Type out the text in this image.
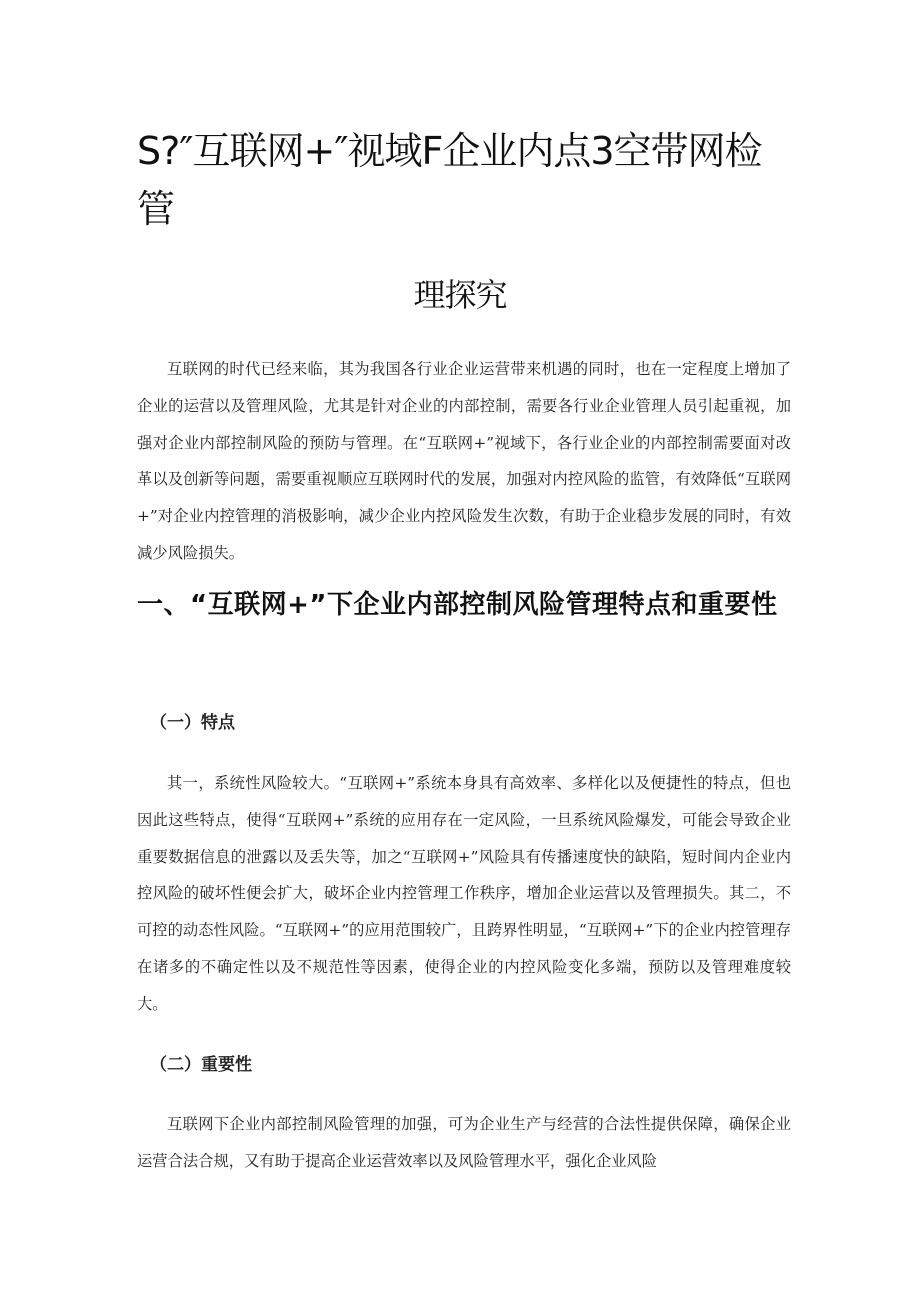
S?″互联网+″视域F企业内点3空带网检
管
理探究

互联网的时代已经来临，其为我国各行业企业运营带来机遇的同时，也在一定程度上增加了企业的运营以及管理风险，尤其是针对企业的内部控制，需要各行业企业管理人员引起重视，加强对企业内部控制风险的预防与管理。在“互联网+”视域下，各行业企业的内部控制需要面对改革以及创新等问题，需要重视顺应互联网时代的发展，加强对内控风险的监管，有效降低“互联网+”对企业内控管理的消极影响，减少企业内控风险发生次数，有助于企业稳步发展的同时，有效减少风险损失。

一、“互联网+”下企业内部控制风险管理特点和重要性
（一）特点

其一，系统性风险较大。“互联网+”系统本身具有高效率、多样化以及便捷性的特点，但也因此这些特点，使得“互联网+”系统的应用存在一定风险，一旦系统风险爆发，可能会导致企业重要数据信息的泄露以及丢失等，加之“互联网+”风险具有传播速度快的缺陷，短时间内企业内控风险的破坏性便会扩大，破坏企业内控管理工作秩序，增加企业运营以及管理损失。其二，不可控的动态性风险。“互联网+”的应用范围较广，且跨界性明显，“互联网+”下的企业内控管理存在诸多的不确定性以及不规范性等因素，使得企业的内控风险变化多端，预防以及管理难度较大。

（二）重要性

互联网下企业内部控制风险管理的加强，可为企业生产与经营的合法性提供保障，确保企业运营合法合规，又有助于提高企业运营效率以及风险管理水平，强化企业风险
